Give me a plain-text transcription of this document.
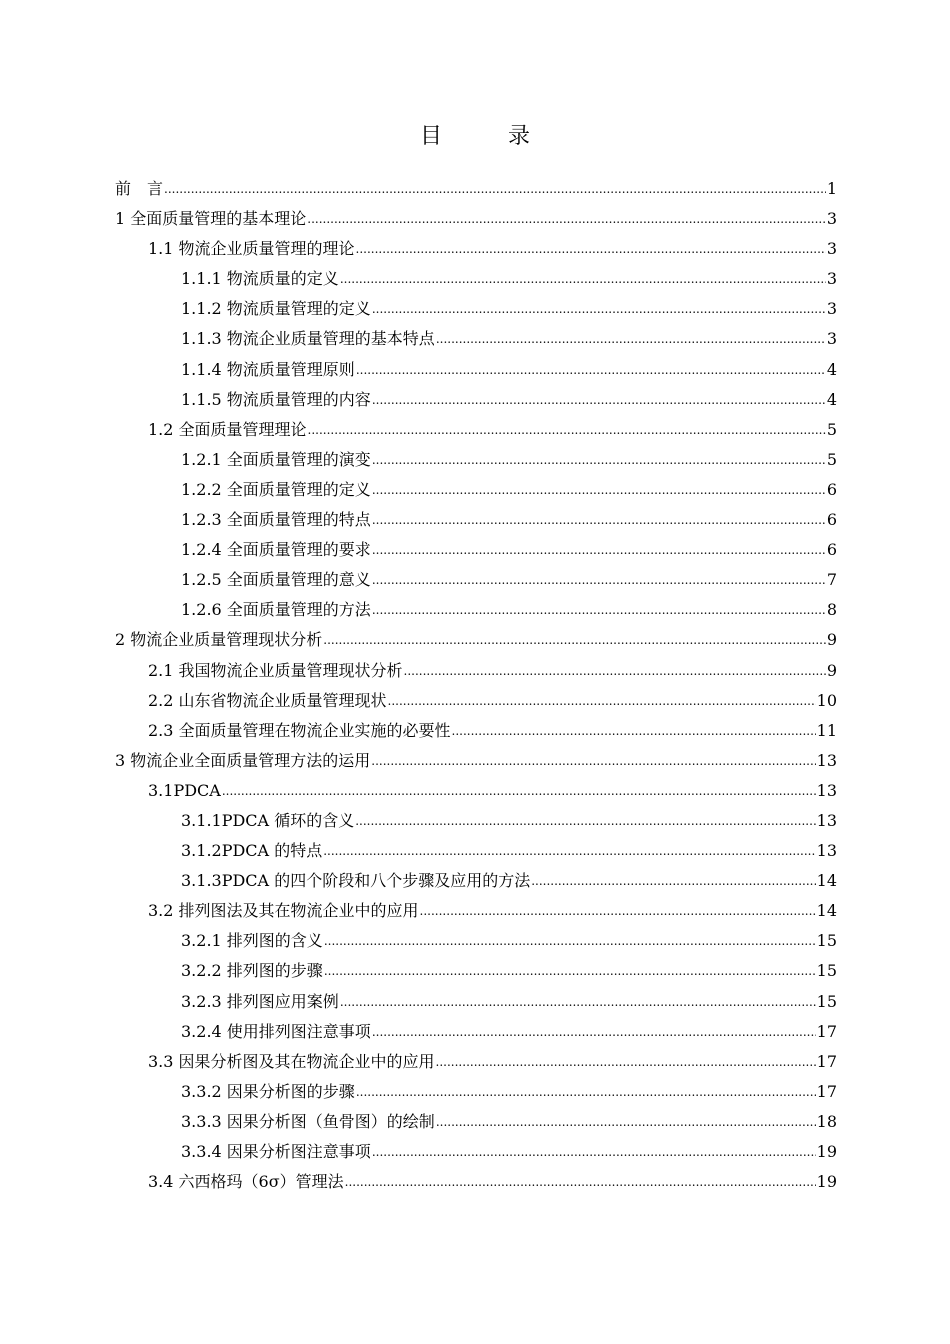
目　录
前　言 .....	1
1 全面质量管理的基本理论 .....	3
1.1 物流企业质量管理的理论 .....	3
1.1.1 物流质量的定义 .....	3
1.1.2 物流质量管理的定义 .....	3
1.1.3 物流企业质量管理的基本特点 .....	3
1.1.4 物流质量管理原则 .....	4
1.1.5 物流质量管理的内容 .....	4
1.2 全面质量管理理论 .....	5
1.2.1 全面质量管理的演变 .....	5
1.2.2 全面质量管理的定义 .....	6
1.2.3 全面质量管理的特点 .....	6
1.2.4 全面质量管理的要求 .....	6
1.2.5 全面质量管理的意义 .....	7
1.2.6 全面质量管理的方法 .....	8
2 物流企业质量管理现状分析 .....	9
2.1 我国物流企业质量管理现状分析 .....	9
2.2 山东省物流企业质量管理现状 .....	10
2.3 全面质量管理在物流企业实施的必要性 .....	11
3 物流企业全面质量管理方法的运用 .....	13
3.1PDCA .....	13
3.1.1PDCA 循环的含义 .....	13
3.1.2PDCA 的特点 .....	13
3.1.3PDCA 的四个阶段和八个步骤及应用的方法 .....	14
3.2 排列图法及其在物流企业中的应用 .....	14
3.2.1 排列图的含义 .....	15
3.2.2 排列图的步骤 .....	15
3.2.3 排列图应用案例 .....	15
3.2.4 使用排列图注意事项 .....	17
3.3 因果分析图及其在物流企业中的应用 .....	17
3.3.2 因果分析图的步骤 .....	17
3.3.3 因果分析图（鱼骨图）的绘制 .....	18
3.3.4 因果分析图注意事项 .....	19
3.4 六西格玛（6σ）管理法 .....	19
